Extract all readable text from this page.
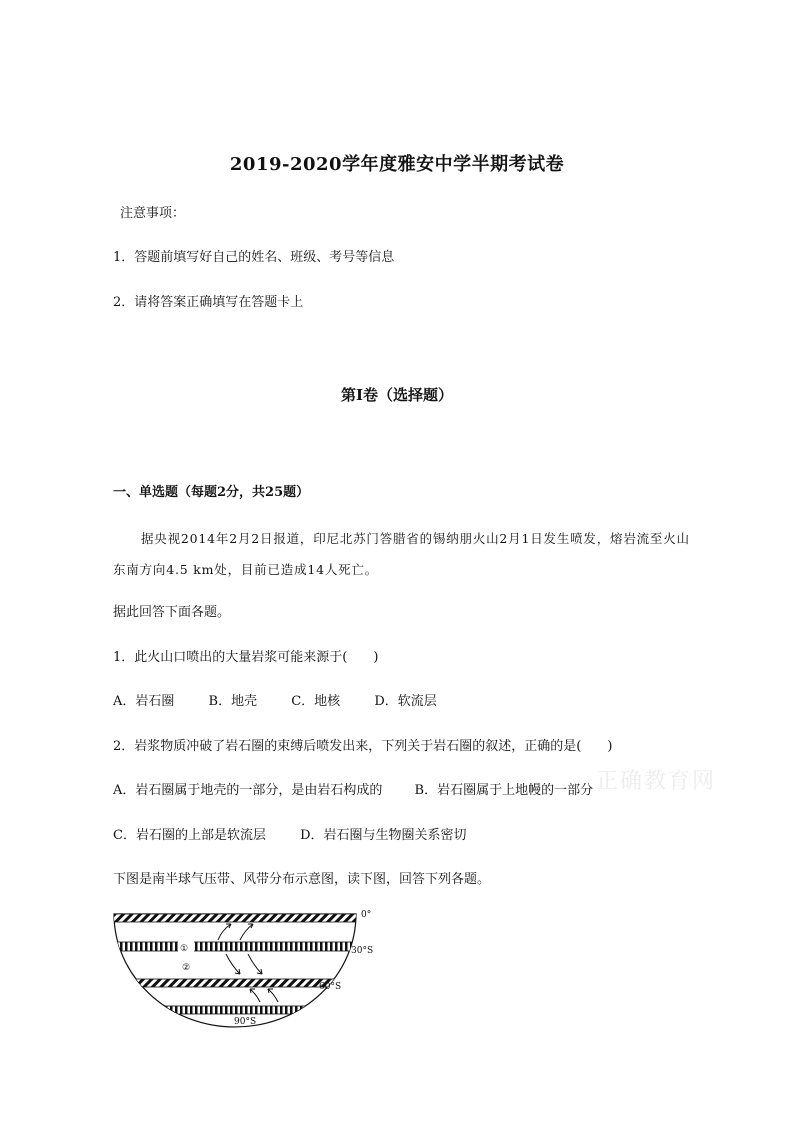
2019-2020学年度雅安中学半期考试卷
注意事项：
1．答题前填写好自己的姓名、班级、考号等信息
2．请将答案正确填写在答题卡上
第I卷（选择题）
一、单选题（每题2分，共25题）
据央视2014年2月2日报道，印尼北苏门答腊省的锡纳朋火山2月1日发生喷发，熔岩流至火山东南方向4.5 km处，目前已造成14人死亡。
据此回答下面各题。
1．此火山口喷出的大量岩浆可能来源于(　　)
A．岩石圈	B．地壳	C．地核	D．软流层
2．岩浆物质冲破了岩石圈的束缚后喷发出来，下列关于岩石圈的叙述，正确的是(　　)
A．岩石圈属于地壳的一部分，是由岩石构成的 B．岩石圈属于上地幔的一部分
C．岩石圈的上部是软流层	D．岩石圈与生物圈关系密切
正确教育网
下图是南半球气压带、风带分布示意图，读下图，回答下列各题。
①
②
0°
30°S
60°S
90°S
